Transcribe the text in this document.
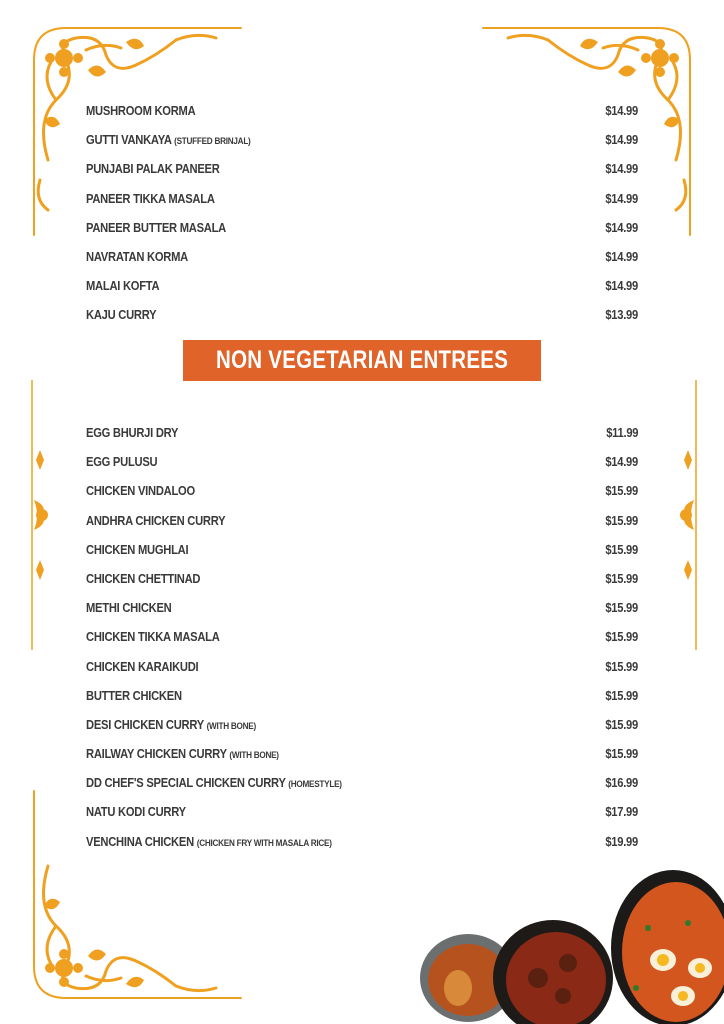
MUSHROOM KORMA	$14.99
GUTTI VANKAYA (STUFFED BRINJAL)	$14.99
PUNJABI PALAK PANEER	$14.99
PANEER TIKKA MASALA	$14.99
PANEER BUTTER MASALA	$14.99
NAVRATAN KORMA	$14.99
MALAI KOFTA	$14.99
KAJU CURRY	$13.99
NON VEGETARIAN ENTREES
EGG BHURJI DRY	$11.99
EGG PULUSU	$14.99
CHICKEN VINDALOO	$15.99
ANDHRA CHICKEN CURRY	$15.99
CHICKEN MUGHLAI	$15.99
CHICKEN CHETTINAD	$15.99
METHI CHICKEN	$15.99
CHICKEN TIKKA MASALA	$15.99
CHICKEN KARAIKUDI	$15.99
BUTTER CHICKEN	$15.99
DESI CHICKEN CURRY (WITH BONE)	$15.99
RAILWAY CHICKEN CURRY (WITH BONE)	$15.99
DD CHEF'S SPECIAL CHICKEN CURRY (HOMESTYLE)	$16.99
NATU KODI CURRY	$17.99
VENCHINA CHICKEN (CHICKEN FRY WITH MASALA RICE)	$19.99
